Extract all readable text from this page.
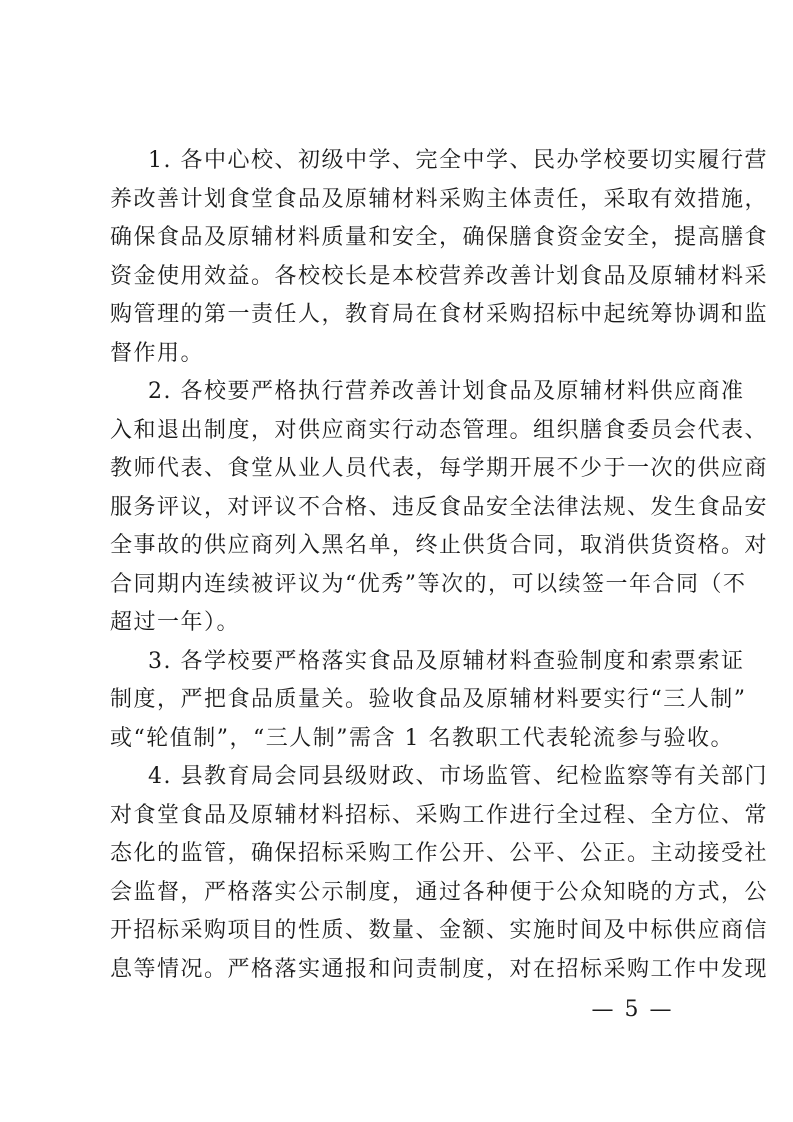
1. 各中心校、初级中学、完全中学、民办学校要切实履行营
养改善计划食堂食品及原辅材料采购主体责任，采取有效措施，
确保食品及原辅材料质量和安全，确保膳食资金安全，提高膳食
资金使用效益。各校校长是本校营养改善计划食品及原辅材料采
购管理的第一责任人，教育局在食材采购招标中起统筹协调和监
督作用。
2. 各校要严格执行营养改善计划食品及原辅材料供应商准
入和退出制度，对供应商实行动态管理。组织膳食委员会代表、
教师代表、食堂从业人员代表，每学期开展不少于一次的供应商
服务评议，对评议不合格、违反食品安全法律法规、发生食品安
全事故的供应商列入黑名单，终止供货合同，取消供货资格。对
合同期内连续被评议为“优秀”等次的，可以续签一年合同（不
超过一年）。
3. 各学校要严格落实食品及原辅材料查验制度和索票索证
制度，严把食品质量关。验收食品及原辅材料要实行“三人制”
或“轮值制”，“三人制”需含 1 名教职工代表轮流参与验收。
4. 县教育局会同县级财政、市场监管、纪检监察等有关部门
对食堂食品及原辅材料招标、采购工作进行全过程、全方位、常
态化的监管，确保招标采购工作公开、公平、公正。主动接受社
会监督，严格落实公示制度，通过各种便于公众知晓的方式，公
开招标采购项目的性质、数量、金额、实施时间及中标供应商信
息等情况。严格落实通报和问责制度，对在招标采购工作中发现
— 5 —
